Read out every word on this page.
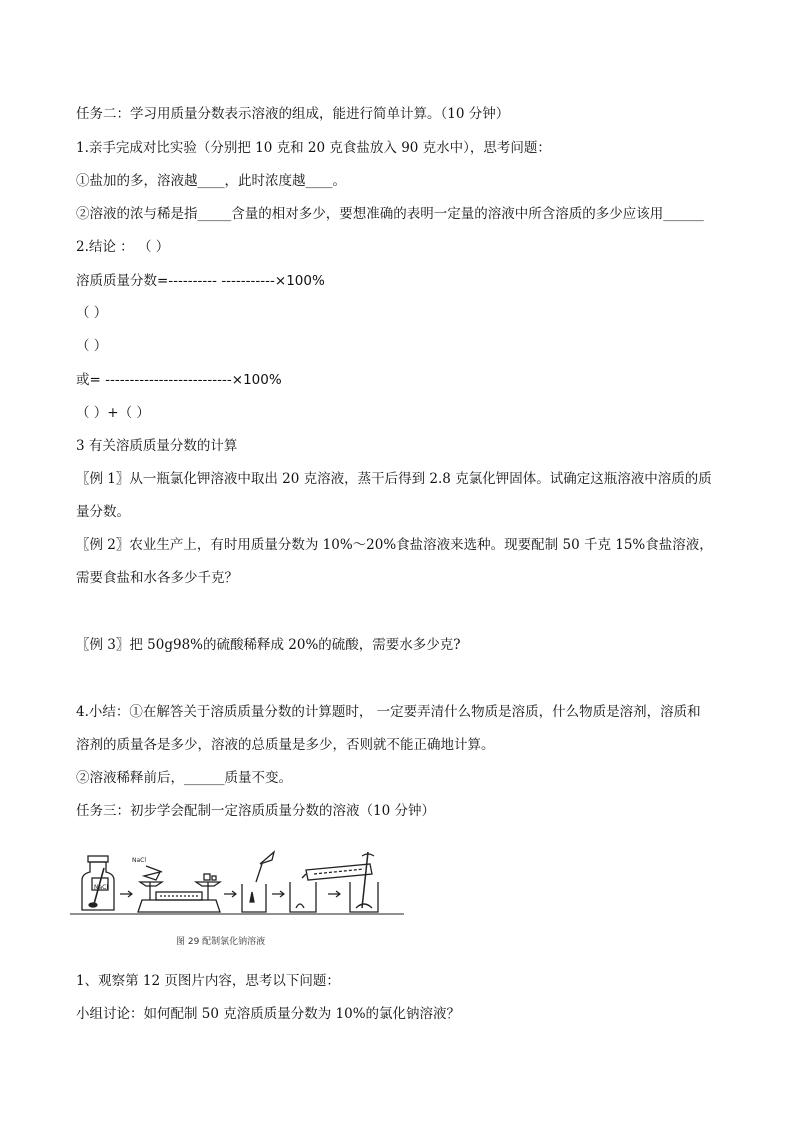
任务二：学习用质量分数表示溶液的组成，能进行简单计算。（10 分钟）
1.亲手完成对比实验（分别把 10 克和 20 克食盐放入 90 克水中），思考问题：
①盐加的多，溶液越____，此时浓度越____。
②溶液的浓与稀是指_____含量的相对多少，要想准确的表明一定量的溶液中所含溶质的多少应该用______
2.结论 ： （ ）
溶质质量分数=---------- -----------×100%
（ ）
（ ）
或= --------------------------×100%
（ ）+（ ）
3 有关溶质质量分数的计算
〖例 1〗从一瓶氯化钾溶液中取出 20 克溶液，蒸干后得到 2.8 克氯化钾固体。试确定这瓶溶液中溶质的质
量分数。
〖例 2〗农业生产上，有时用质量分数为 10%～20%食盐溶液来选种。现要配制 50 千克 15%食盐溶液，
需要食盐和水各多少千克？
〖例 3〗把 50g98%的硫酸稀释成 20%的硫酸，需要水多少克?
4.小结：①在解答关于溶质质量分数的计算题时， 一定要弄清什么物质是溶质，什么物质是溶剂，溶质和
溶剂的质量各是多少，溶液的总质量是多少，否则就不能正确地计算。
②溶液稀释前后，______质量不变。
任务三：初步学会配制一定溶质质量分数的溶液（10 分钟）
NaCl
NaCl
图 29 配制氯化钠溶液
1、观察第 12 页图片内容，思考以下问题：
小组讨论：如何配制 50 克溶质质量分数为 10%的氯化钠溶液？
